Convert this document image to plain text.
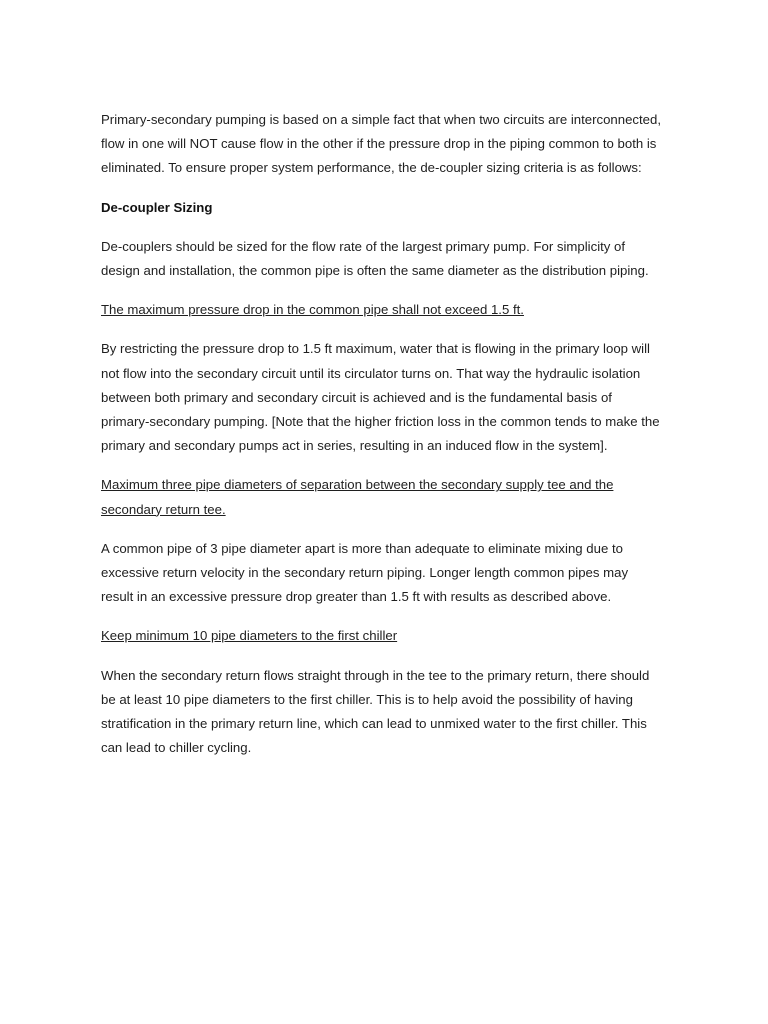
Primary-secondary pumping is based on a simple fact that when two circuits are interconnected, flow in one will NOT cause flow in the other if the pressure drop in the piping common to both is eliminated. To ensure proper system performance, the de-coupler sizing criteria is as follows:

De-coupler Sizing

De-couplers should be sized for the flow rate of the largest primary pump. For simplicity of design and installation, the common pipe is often the same diameter as the distribution piping.

The maximum pressure drop in the common pipe shall not exceed 1.5 ft.

By restricting the pressure drop to 1.5 ft maximum, water that is flowing in the primary loop will not flow into the secondary circuit until its circulator turns on. That way the hydraulic isolation between both primary and secondary circuit is achieved and is the fundamental basis of primary-secondary pumping. [Note that the higher friction loss in the common tends to make the primary and secondary pumps act in series, resulting in an induced flow in the system].

Maximum three pipe diameters of separation between the secondary supply tee and the secondary return tee.

A common pipe of 3 pipe diameter apart is more than adequate to eliminate mixing due to excessive return velocity in the secondary return piping. Longer length common pipes may result in an excessive pressure drop greater than 1.5 ft with results as described above.

Keep minimum 10 pipe diameters to the first chiller

When the secondary return flows straight through in the tee to the primary return, there should be at least 10 pipe diameters to the first chiller. This is to help avoid the possibility of having stratification in the primary return line, which can lead to unmixed water to the first chiller. This can lead to chiller cycling.
